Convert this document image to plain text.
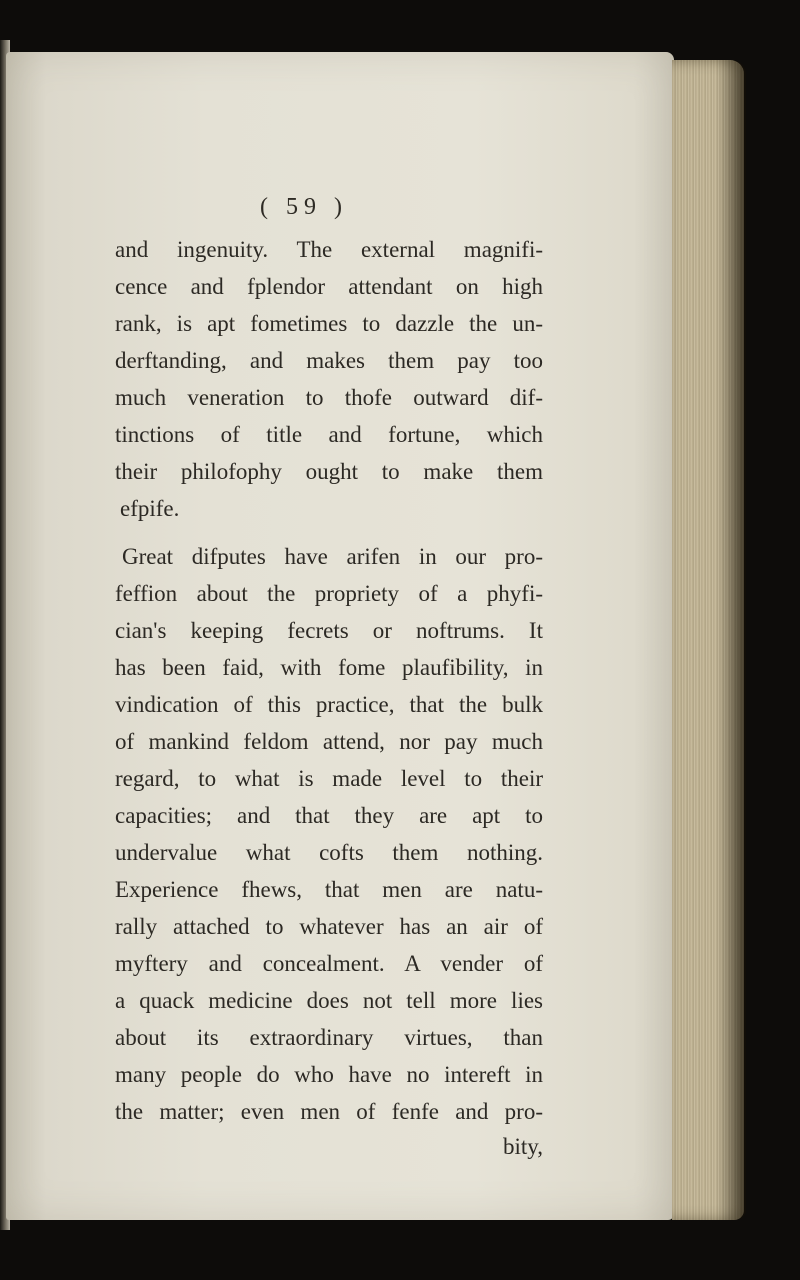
( 59 )
and ingenuity. The external magnifi-
cence and fplendor attendant on high
rank, is apt fometimes to dazzle the un-
derftanding, and makes them pay too
much veneration to thofe outward dif-
tinctions of title and fortune, which
their philofophy ought to make them
efpife.
Great difputes have arifen in our pro-
feffion about the propriety of a phyfi-
cian's keeping fecrets or noftrums. It
has been faid, with fome plaufibility, in
vindication of this practice, that the bulk
of mankind feldom attend, nor pay much
regard, to what is made level to their
capacities; and that they are apt to
undervalue what cofts them nothing.
Experience fhews, that men are natu-
rally attached to whatever has an air of
myftery and concealment. A vender of
a quack medicine does not tell more lies
about its extraordinary virtues, than
many people do who have no intereft in
the matter; even men of fenfe and pro-
bity,
